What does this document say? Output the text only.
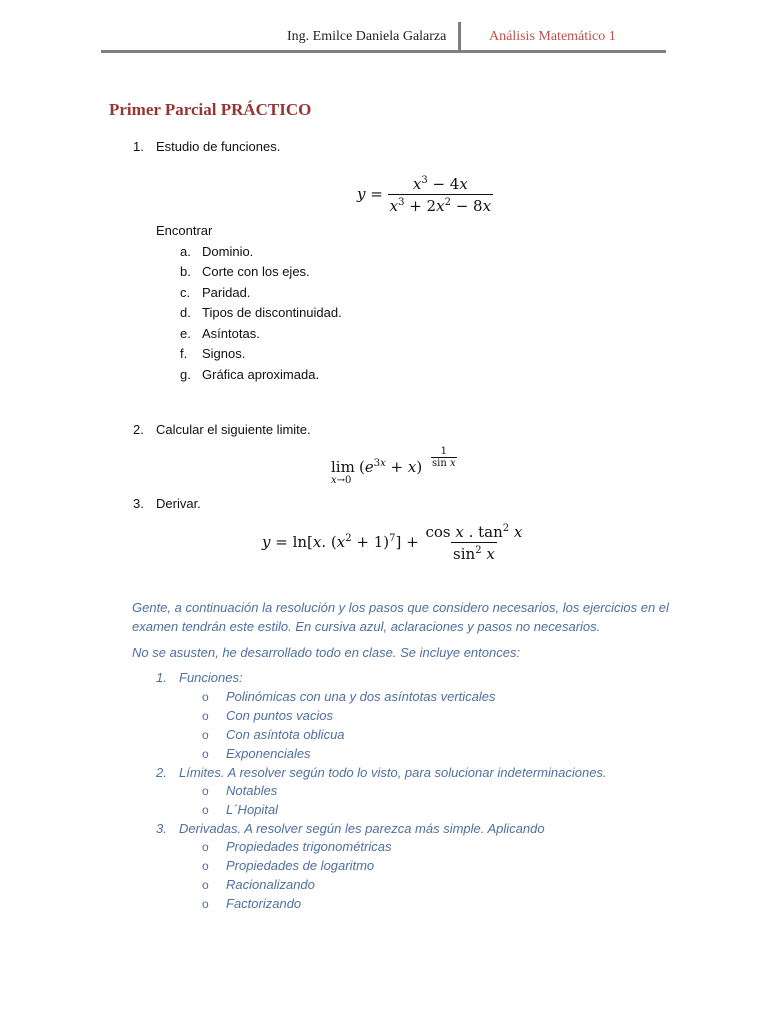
Ing. Emilce Daniela Galarza	Análisis Matemático 1
Primer Parcial PRÁCTICO
1. Estudio de funciones.
$y = \frac{x^3 - 4x}{x^3 + 2x^2 - 8x}$
Encontrar
a. Dominio.
b. Corte con los ejes.
c. Paridad.
d. Tipos de discontinuidad.
e. Asíntotas.
f. Signos.
g. Gráfica aproximada.
2. Calcular el siguiente limite.
lim
x→0
$(e^{3x} + x)$
1
sin x
3. Derivar.
y = ln[x. $(x^2 + 1)^7] + \frac{\cos x . \tan^2 x}{\sin^2 x}$
Gente, a continuación la resolución y los pasos que considero necesarios, los ejercicios en el
examen tendrán este estilo. En cursiva azul, aclaraciones y pasos no necesarios.
No se asusten, he desarrollado todo en clase. Se incluye entonces:
1. Funciones:
o Polinómicas con una y dos asíntotas verticales
o Con puntos vacios
o Con asíntota oblicua
o Exponenciales
2. Límites. A resolver según todo lo visto, para solucionar indeterminaciones.
o Notables
o L´Hopital
3. Derivadas. A resolver según les parezca más simple. Aplicando
o Propiedades trigonométricas
o Propiedades de logaritmo
o Racionalizando
o Factorizando
